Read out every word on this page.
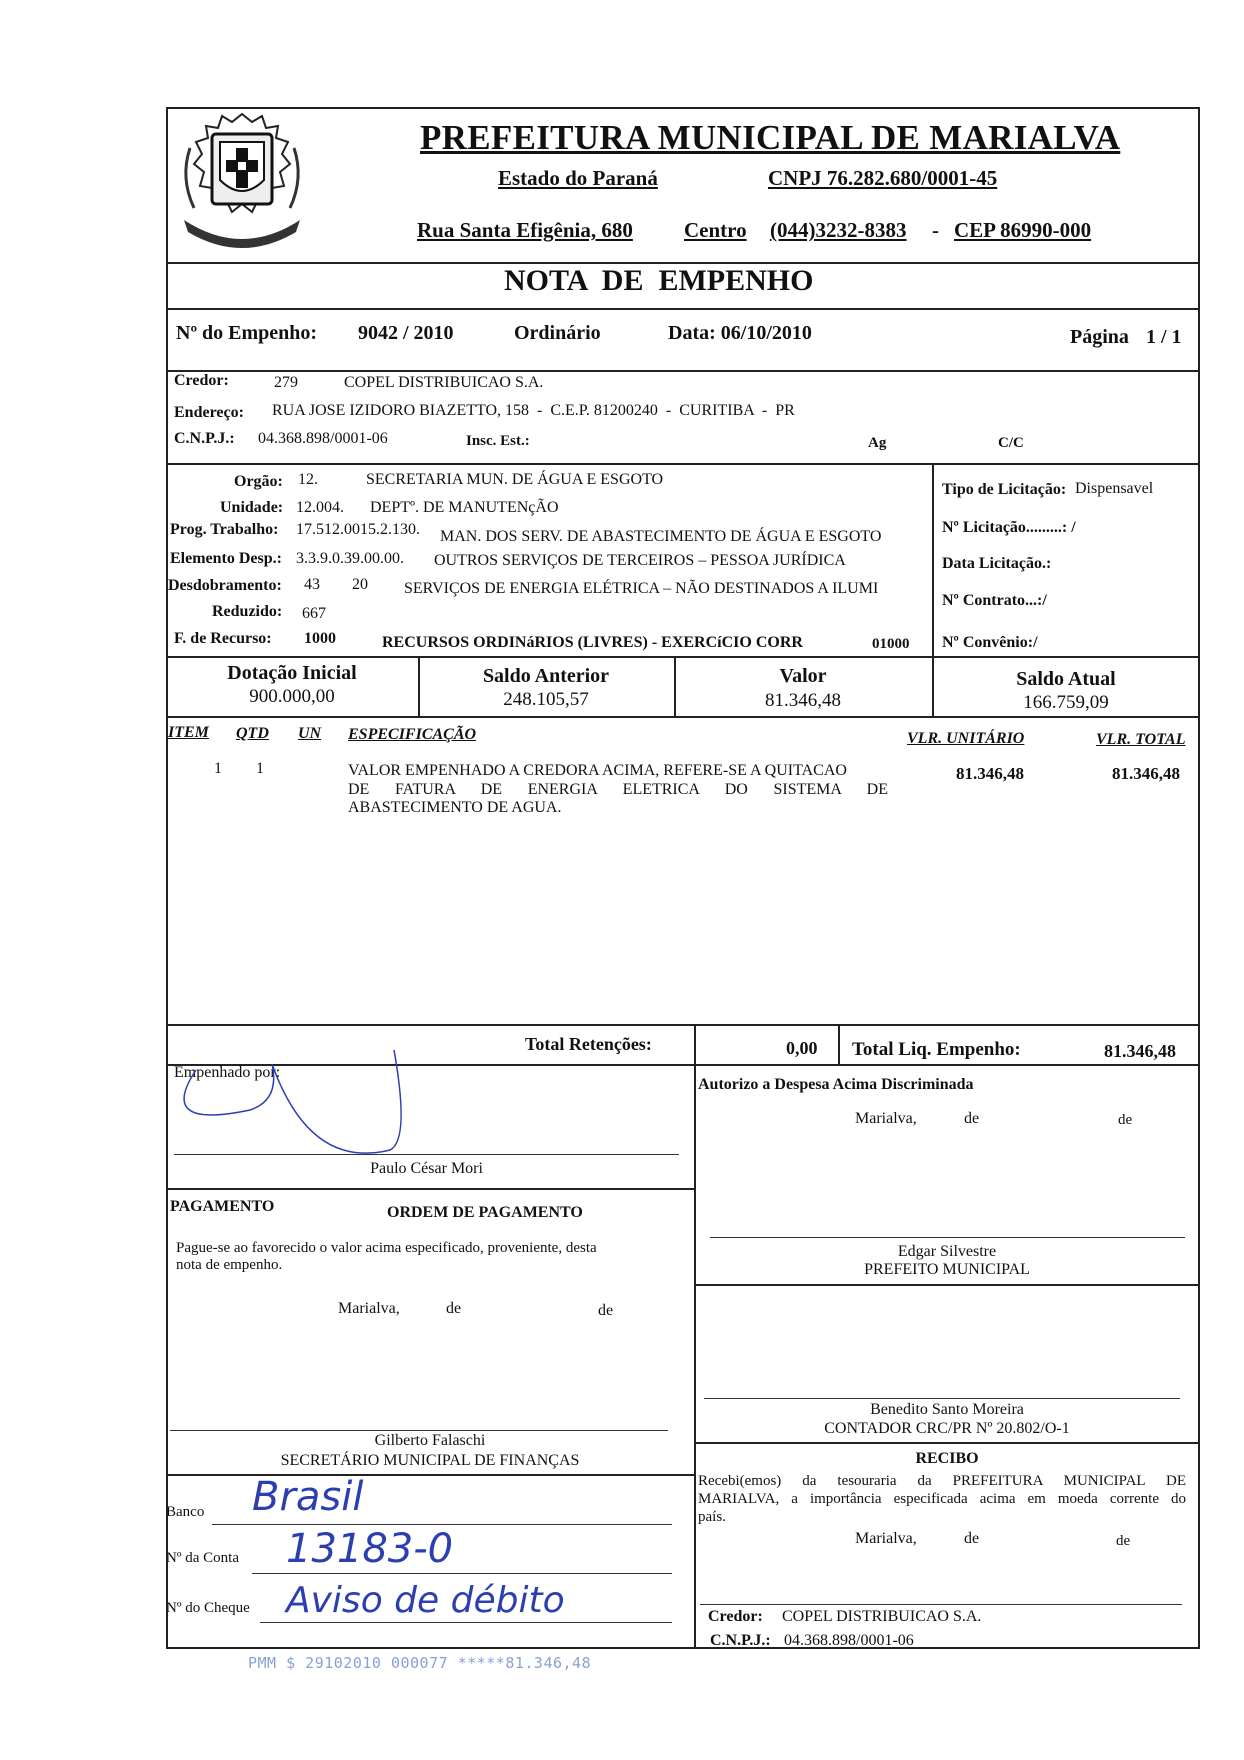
MARIALVA
PREFEITURA MUNICIPAL DE MARIALVA
Estado do Paraná	CNPJ 76.282.680/0001-45
Rua Santa Efigênia, 680 Centro (044)3232-8383 - CEP 86990-000
NOTA  DE  EMPENHO
Nº do Empenho: 9042 / 2010	Ordinário	Data: 06/10/2010	Página 1 / 1
Credor:	279	COPEL DISTRIBUICAO S.A.
Endereço: RUA JOSE IZIDORO BIAZETTO, 158  -  C.E.P. 81200240  -  CURITIBA  -  PR
C.N.P.J.: 04.368.898/0001-06	Insc. Est.:	Ag	C/C
Orgão: 12.	SECRETARIA MUN. DE ÁGUA E ESGOTO
Unidade: 12.004. DEPTº. DE MANUTENçÃO
Prog. Trabalho: 17.512.0015.2.130. MAN. DOS SERV. DE ABASTECIMENTO DE ÁGUA E ESGOTO
Elemento Desp.: 3.3.9.0.39.00.00. OUTROS SERVIÇOS DE TERCEIROS – PESSOA JURÍDICA
Desdobramento: 43 20 SERVIÇOS DE ENERGIA ELÉTRICA – NÃO DESTINADOS A ILUMI
Reduzido: 667
F. de Recurso: 1000	RECURSOS ORDINáRIOS (LIVRES) - EXERCíCIO CORR	01000
Tipo de Licitação: Dispensavel
Nº Licitação.........: /
Data Licitação.:
Nº Contrato...:/
Nº Convênio:/
Dotação Inicial
900.000,00
Saldo Anterior
248.105,57
Valor
81.346,48
Saldo Atual
166.759,09
ITEM QTD UN ESPECIFICAÇÃO	VLR. UNITÁRIO	VLR. TOTAL
1 1	VALOR EMPENHADO A CREDORA ACIMA, REFERE-SE A QUITACAO
DE FATURA DE ENERGIA ELETRICA DO SISTEMA DE
ABASTECIMENTO DE AGUA.
81.346,48	81.346,48
Total Retenções:	0,00 Total Liq. Empenho:	81.346,48
Empenhado por:
Paulo César Mori
Autorizo a Despesa Acima Discriminada
Marialva,	de	de
Edgar Silvestre
PREFEITO MUNICIPAL
PAGAMENTO	ORDEM DE PAGAMENTO
Pague-se ao favorecido o valor acima especificado, proveniente, desta
nota de empenho.
Marialva,	de	de
Gilberto Falaschi
SECRETÁRIO MUNICIPAL DE FINANÇAS
Benedito Santo Moreira
CONTADOR CRC/PR Nº 20.802/O-1
RECIBO
Recebi(emos) da tesouraria da PREFEITURA MUNICIPAL DE
MARIALVA, a importância especificada acima em moeda corrente do
país.
Marialva,	de	de
Credor: COPEL DISTRIBUICAO S.A.
C.N.P.J.: 04.368.898/0001-06
Banco Brasil
Nº da Conta 13183-0
Nº do Cheque Aviso de débito
PMM $ 29102010 000077 *****81.346,48
